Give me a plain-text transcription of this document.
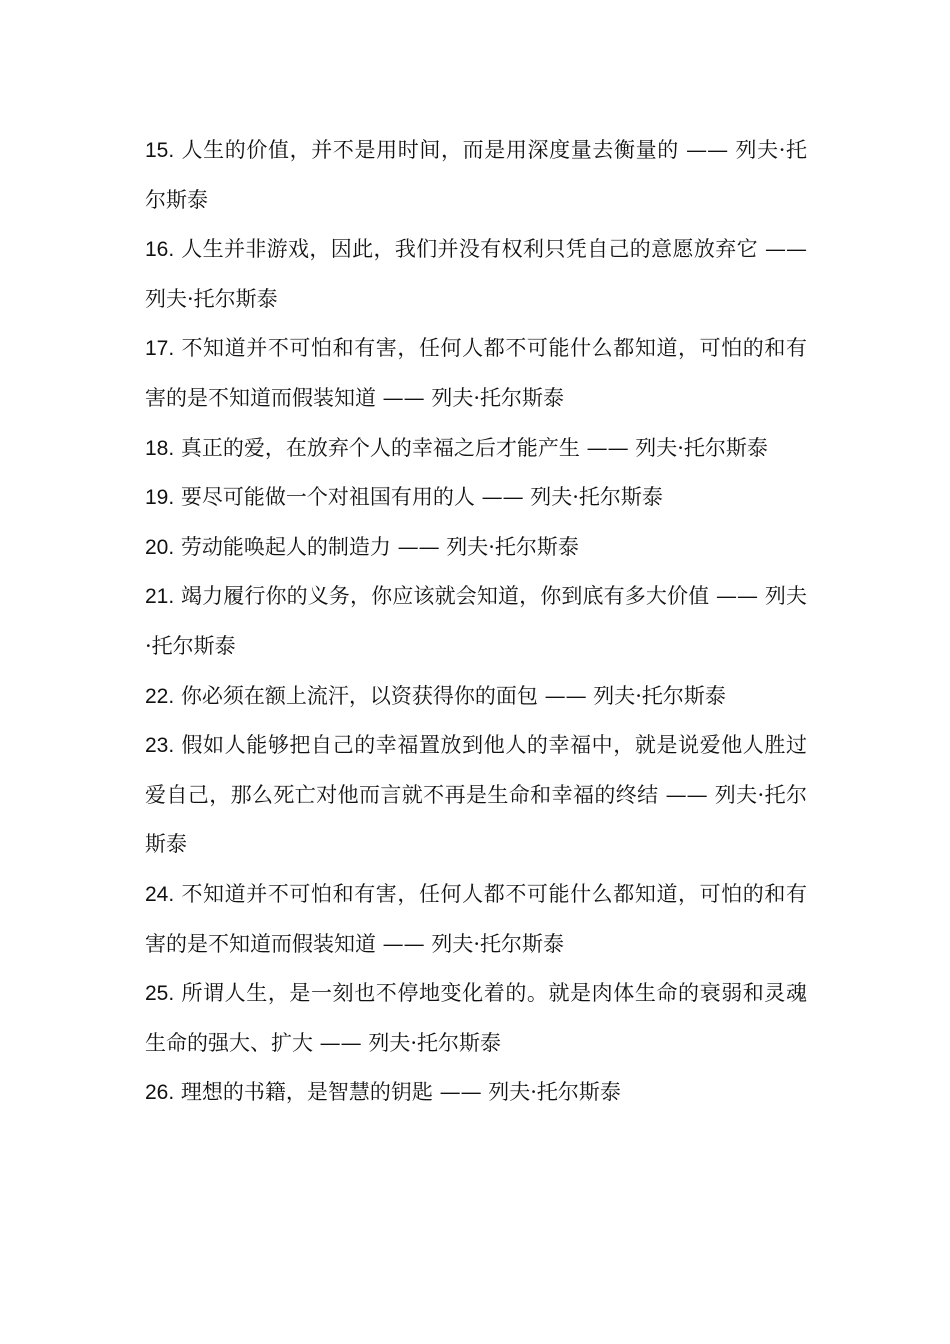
15. 人生的价值，并不是用时间，而是用深度量去衡量的 —— 列夫·托尔斯泰

16. 人生并非游戏，因此，我们并没有权利只凭自己的意愿放弃它 —— 列夫·托尔斯泰

17. 不知道并不可怕和有害，任何人都不可能什么都知道，可怕的和有害的是不知道而假装知道 —— 列夫·托尔斯泰

18. 真正的爱，在放弃个人的幸福之后才能产生 —— 列夫·托尔斯泰

19. 要尽可能做一个对祖国有用的人 —— 列夫·托尔斯泰

20. 劳动能唤起人的制造力 —— 列夫·托尔斯泰

21. 竭力履行你的义务，你应该就会知道，你到底有多大价值 —— 列夫·托尔斯泰

22. 你必须在额上流汗，以资获得你的面包 —— 列夫·托尔斯泰

23. 假如人能够把自己的幸福置放到他人的幸福中，就是说爱他人胜过爱自己，那么死亡对他而言就不再是生命和幸福的终结 —— 列夫·托尔斯泰

24. 不知道并不可怕和有害，任何人都不可能什么都知道，可怕的和有害的是不知道而假装知道 —— 列夫·托尔斯泰

25. 所谓人生，是一刻也不停地变化着的。就是肉体生命的衰弱和灵魂生命的强大、扩大 —— 列夫·托尔斯泰

26. 理想的书籍，是智慧的钥匙 —— 列夫·托尔斯泰
